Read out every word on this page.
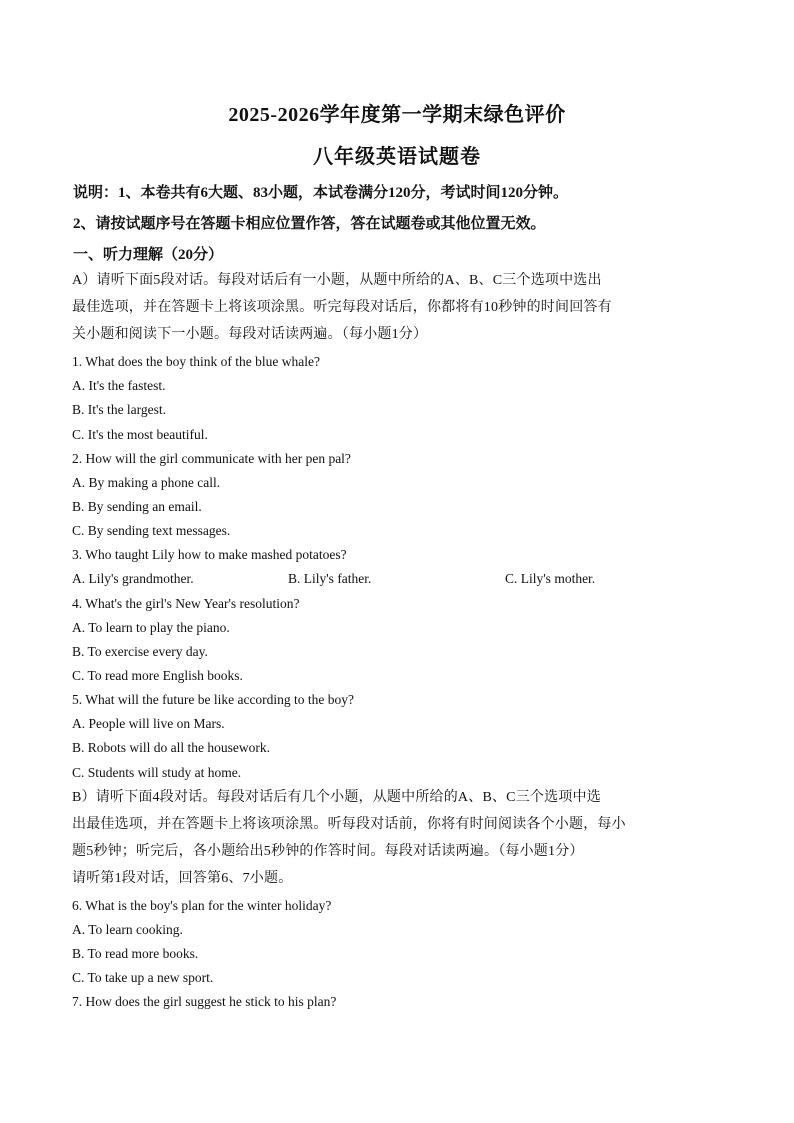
2025-2026学年度第一学期末绿色评价
八年级英语试题卷
说明：1、本卷共有6大题、83小题，本试卷满分120分，考试时间120分钟。
2、请按试题序号在答题卡相应位置作答，答在试题卷或其他位置无效。
一、听力理解（20分）
A）请听下面5段对话。每段对话后有一小题，从题中所给的A、B、C三个选项中选出
最佳选项，并在答题卡上将该项涂黑。听完每段对话后，你都将有10秒钟的时间回答有
关小题和阅读下一小题。每段对话读两遍。（每小题1分）
1. What does the boy think of the blue whale?
A. It's the fastest.
B. It's the largest.
C. It's the most beautiful.
2. How will the girl communicate with her pen pal?
A. By making a phone call.
B. By sending an email.
C. By sending text messages.
3. Who taught Lily how to make mashed potatoes?
A. Lily's grandmother.	B. Lily's father.	C. Lily's mother.
4. What's the girl's New Year's resolution?
A. To learn to play the piano.
B. To exercise every day.
C. To read more English books.
5. What will the future be like according to the boy?
A. People will live on Mars.
B. Robots will do all the housework.
C. Students will study at home.
B）请听下面4段对话。每段对话后有几个小题，从题中所给的A、B、C三个选项中选
出最佳选项，并在答题卡上将该项涂黑。听每段对话前，你将有时间阅读各个小题，每小
题5秒钟；听完后，各小题给出5秒钟的作答时间。每段对话读两遍。（每小题1分）
请听第1段对话，回答第6、7小题。
6. What is the boy's plan for the winter holiday?
A. To learn cooking.
B. To read more books.
C. To take up a new sport.
7. How does the girl suggest he stick to his plan?
